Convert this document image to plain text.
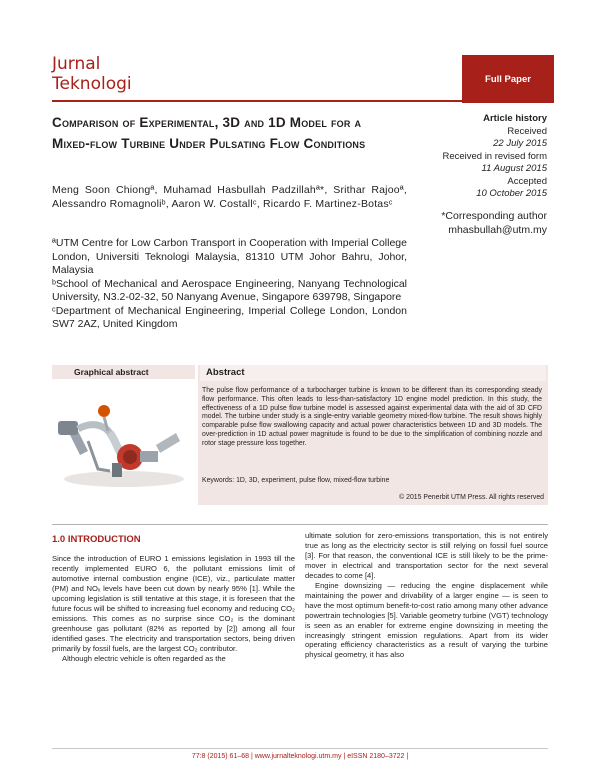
Jurnal
Teknologi	Full Paper
Comparison of Experimental, 3D and 1D Model for a Mixed-flow Turbine Under Pulsating Flow Conditions
Meng Soon Chiongª, Muhamad Hasbullah Padzillahª*, Srithar Rajooª, Alessandro Romagnoliᵇ, Aaron W. Costallᶜ, Ricardo F. Martinez-Botasᶜ
ªUTM Centre for Low Carbon Transport in Cooperation with Imperial College London, Universiti Teknologi Malaysia, 81310 UTM Johor Bahru, Johor, Malaysia
ᵇSchool of Mechanical and Aerospace Engineering, Nanyang Technological University, N3.2-02-32, 50 Nanyang Avenue, Singapore 639798, Singapore
ᶜDepartment of Mechanical Engineering, Imperial College London, London SW7 2AZ, United Kingdom
Article history
Received
22 July 2015
Received in revised form
11 August 2015
Accepted
10 October 2015
*Corresponding author
mhasbullah@utm.my
Graphical abstract	Abstract
The pulse flow performance of a turbocharger turbine is known to be different than its corresponding steady flow performance. This often leads to less-than-satisfactory 1D engine model prediction. In this study, the effectiveness of a 1D pulse flow turbine model is assessed against experimental data with the aid of 3D CFD model. The turbine under study is a single-entry variable geometry mixed-flow turbine. The result shows highly comparable pulse flow swallowing capacity and actual power characteristics between 1D and 3D models. The over-prediction in 1D actual power magnitude is found to be due to the simplification of combining nozzle and rotor stage pressure loss together.
Keywords: 1D, 3D, experiment, pulse flow, mixed-flow turbine
© 2015 Penerbit UTM Press. All rights reserved
1.0 INTRODUCTION

Since the introduction of EURO 1 emissions legislation in 1993 till the recently implemented EURO 6, the pollutant emissions limit of automotive internal combustion engine (ICE), viz., particulate matter (PM) and NOₓ levels have been cut down by nearly 95% [1]. While the upcoming legislation is still tentative at this stage, it is foreseen that the future focus will be shifted to increasing fuel economy and reducing CO₂ emissions. This comes as no surprise since CO₂ is the dominant greenhouse gas pollutant (82% as reported by [2]) among all four identified gases. The electricity and transportation sectors, being driven primarily by fossil fuels, are the largest CO₂ contributor.

Although electric vehicle is often regarded as the

ultimate solution for zero-emissions transportation, this is not entirely true as long as the electricity sector is still relying on fossil fuel source [3]. For that reason, the conventional ICE is still likely to be the prime-mover in electrical and transportation sector for the next several decades to come [4].

Engine downsizing — reducing the engine displacement while maintaining the power and drivability of a larger engine — is seen to have the most optimum benefit-to-cost ratio among many other advance powertrain technologies [5]. Variable geometry turbine (VGT) technology is seen as an enabler for extreme engine downsizing in meeting the increasingly stringent emission regulations. Apart from its wider operating efficiency characteristics as a result of varying the turbine physical geometry, it has also

77:8 (2015) 61–68 | www.jurnalteknologi.utm.my | eISSN 2180–3722 |
